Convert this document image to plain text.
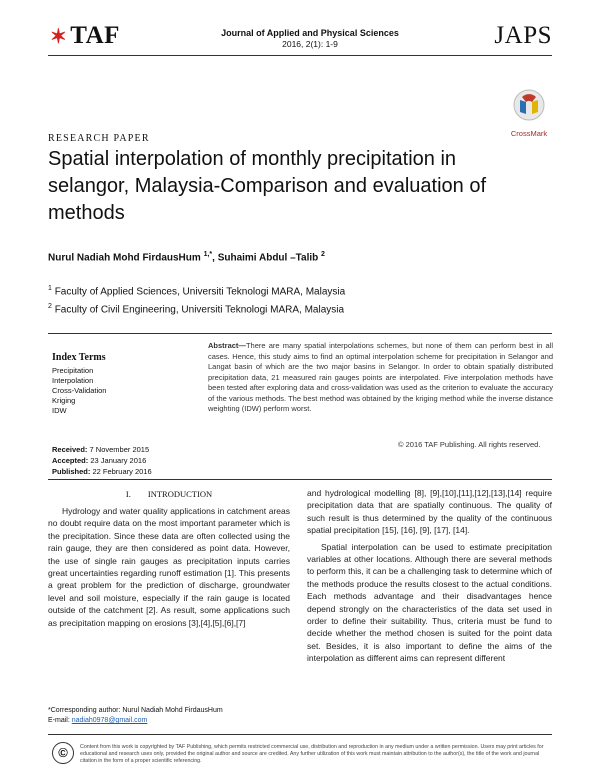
✶ TAF	Journal of Applied and Physical Sciences
2016, 2(1): 1-9	JAPS
CrossMark
RESEARCH PAPER
Spatial interpolation of monthly precipitation in selangor, Malaysia-Comparison and evaluation of methods
Nurul Nadiah Mohd FirdausHum $^{1,*}$, Suhaimi Abdul –Talib $^2$
$^1$ Faculty of Applied Sciences, Universiti Teknologi MARA, Malaysia
$^2$ Faculty of Civil Engineering, Universiti Teknologi MARA, Malaysia
Index Terms
Precipitation
Interpolation
Cross-Validation
Kriging
IDW
Abstract—There are many spatial interpolations schemes, but none of them can perform best in all cases. Hence, this study aims to find an optimal interpolation scheme for precipitation in Selangor and Langat basin of which are the two major basins in Selangor. In order to obtain spatially distributed precipitation data, 21 measured rain gauges points are interpolated. Five interpolation methods have been tested after exploring data and cross-validation was used as the criterion to evaluate the accuracy of the various methods. The best method was obtained by the kriging method while the inverse distance weighting (IDW) perform worst.
© 2016 TAF Publishing. All rights reserved.
Received: 7 November 2015
Accepted: 23 January 2016
Published: 22 February 2016
I. INTRODUCTION

Hydrology and water quality applications in catchment areas no doubt require data on the most important parameter which is the precipitation. Since these data are often collected using the rain gauge, they are then considered as point data. However, the use of single rain gauges as precipitation inputs carries great uncertainties regarding runoff estimation [1]. This presents a great problem for the prediction of discharge, groundwater level and soil moisture, especially if the rain gauge is located outside of the catchment [2]. As result, some applications such as precipitation mapping on erosions [3],[4],[5],[6],[7]

and hydrological modelling [8], [9],[10],[11],[12],[13],[14] require precipitation data that are spatially continuous. The quality of such result is thus determined by the quality of the continuous spatial precipitation [15], [16], [9], [17], [14].

Spatial interpolation can be used to estimate precipitation variables at other locations. Although there are several methods to perform this, it can be a challenging task to determine which of the methods produce the results closest to the actual conditions. Each methods advantage and their disadvantages hence depend strongly on the characteristics of the data set used in order to define their suitability. Thus, criteria must be fund to decide whether the method chosen is suited for the point data set. Besides, it is also important to define the aims of the interpolation as different aims can represent different

*Corresponding author: Nurul Nadiah Mohd FirdausHum
E-mail: nadiah0978@gmail.com
©	Content from this work is copyrighted by TAF Publishing, which permits restricted commercial use, distribution and reproduction in any medium under a written permission. Users may print articles for educational and research uses only, provided the original author and source are credited. Any further utilization of this work must maintain attribution to the author(s), the title of the work and journal citation in the form of a proper scientific referencing.
